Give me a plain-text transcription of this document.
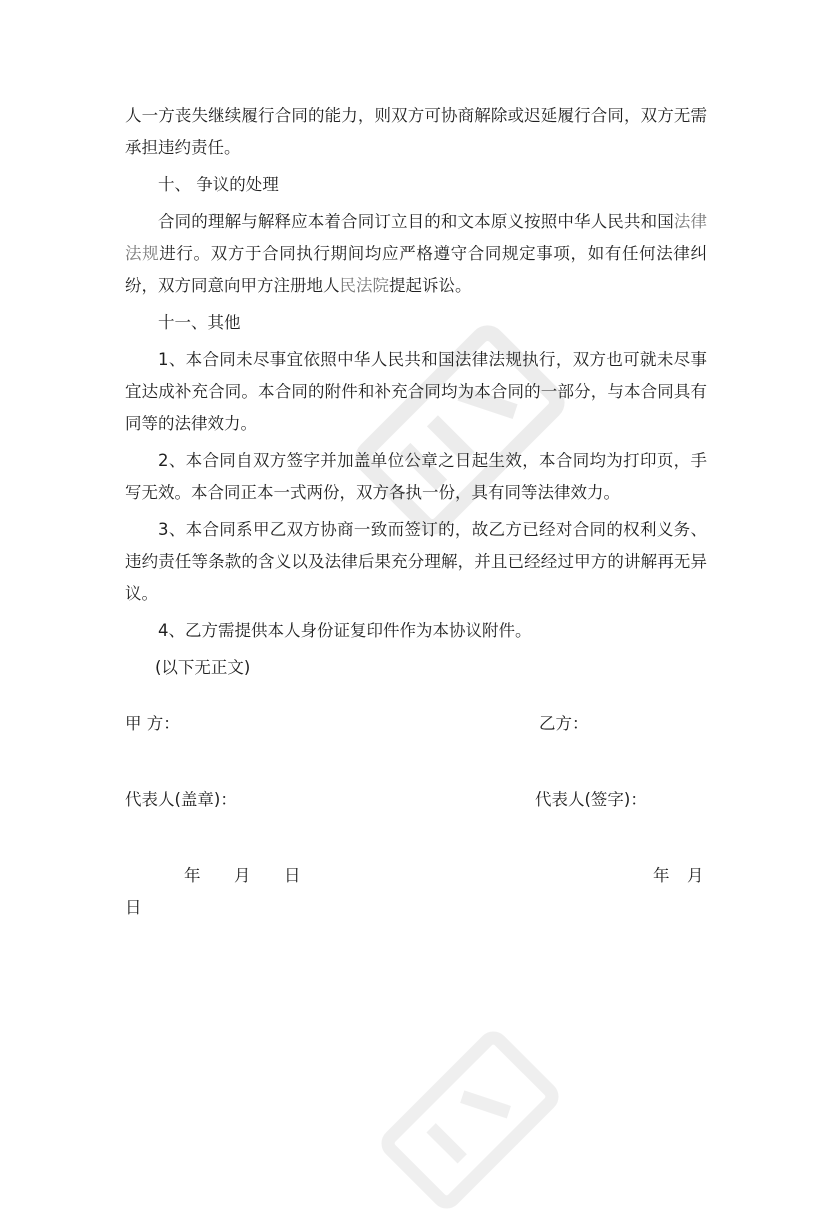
人一方丧失继续履行合同的能力，则双方可协商解除或迟延履行合同，双方无需承担违约责任。

十、 争议的处理

合同的理解与解释应本着合同订立目的和文本原义按照中华人民共和国法律法规进行。双方于合同执行期间均应严格遵守合同规定事项，如有任何法律纠纷，双方同意向甲方注册地人民法院提起诉讼。

十一、其他

1、本合同未尽事宜依照中华人民共和国法律法规执行，双方也可就未尽事宜达成补充合同。本合同的附件和补充合同均为本合同的一部分，与本合同具有同等的法律效力。

2、本合同自双方签字并加盖单位公章之日起生效，本合同均为打印页，手写无效。本合同正本一式两份，双方各执一份，具有同等法律效力。

3、本合同系甲乙双方协商一致而签订的，故乙方已经对合同的权利义务、违约责任等条款的含义以及法律后果充分理解，并且已经经过甲方的讲解再无异议。

4、乙方需提供本人身份证复印件作为本协议附件。

(以下无正文)

甲 方：	乙方：
代表人(盖章)：	代表人(签字)：
年 月 日	年 月
日
